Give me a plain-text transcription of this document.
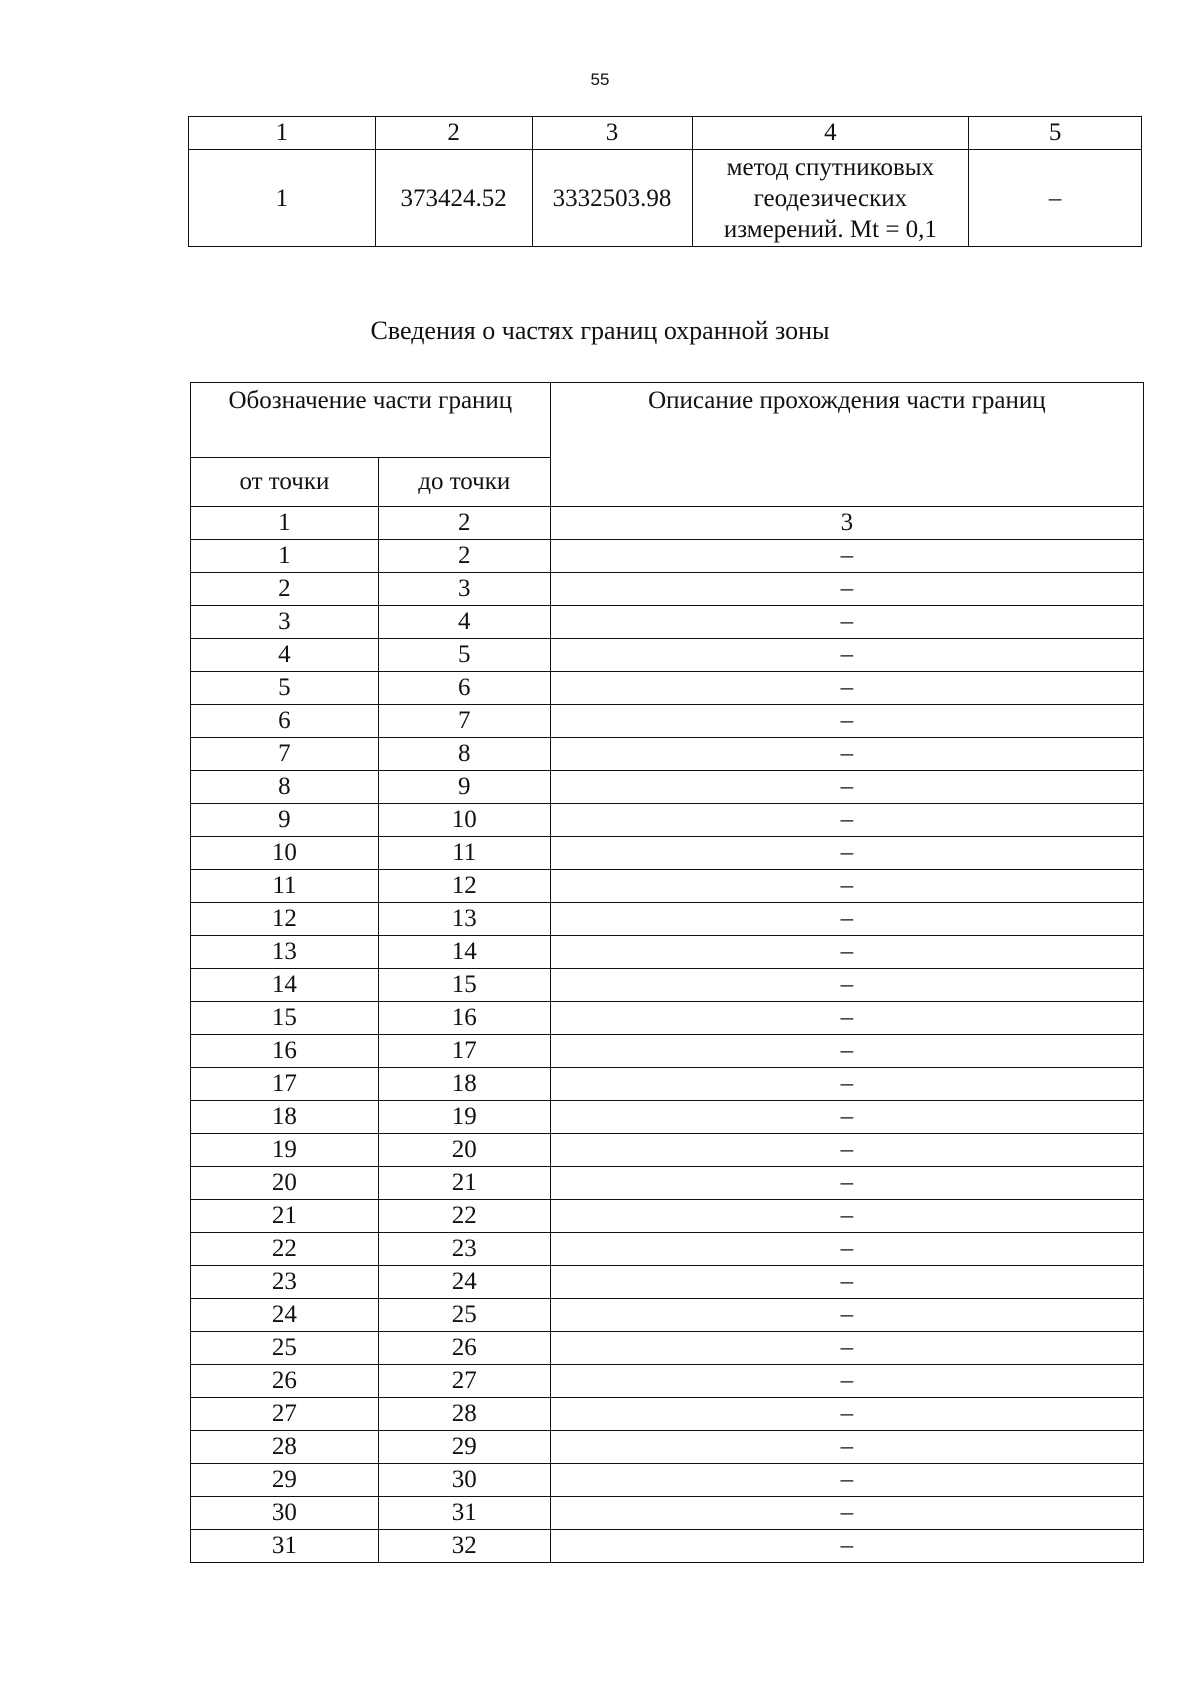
55
1	2	3	4	5
1	373424.52	3332503.98	метод спутниковых
геодезических
измерений. Mt = 0,1	–
Сведения о частях границ охранной зоны
Обозначение части границ		Описание прохождения части границ
от точки	до точки	
1	2	3
1	2	–
2	3	–
3	4	–
4	5	–
5	6	–
6	7	–
7	8	–
8	9	–
9	10	–
10	11	–
11	12	–
12	13	–
13	14	–
14	15	–
15	16	–
16	17	–
17	18	–
18	19	–
19	20	–
20	21	–
21	22	–
22	23	–
23	24	–
24	25	–
25	26	–
26	27	–
27	28	–
28	29	–
29	30	–
30	31	–
31	32	–
